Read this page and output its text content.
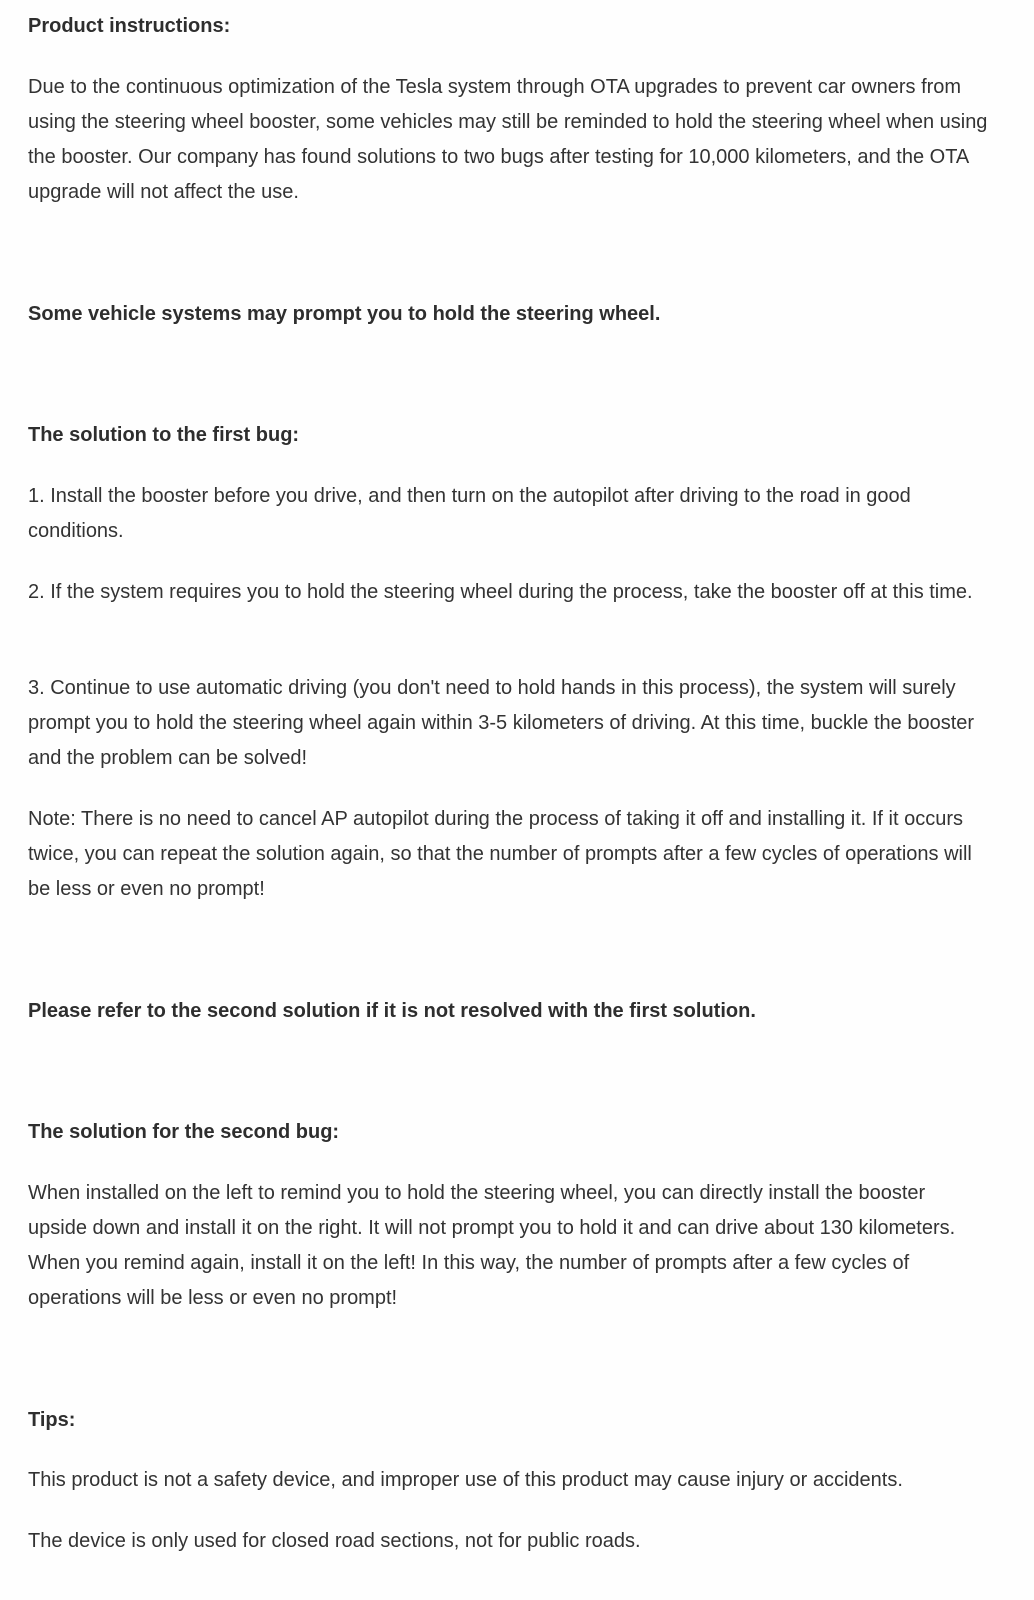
Product instructions:

Due to the continuous optimization of the Tesla system through OTA upgrades to prevent car owners from using the steering wheel booster, some vehicles may still be reminded to hold the steering wheel when using the booster. Our company has found solutions to two bugs after testing for 10,000 kilometers, and the OTA upgrade will not affect the use.

Some vehicle systems may prompt you to hold the steering wheel.

The solution to the first bug:

1. Install the booster before you drive, and then turn on the autopilot after driving to the road in good conditions.

2. If the system requires you to hold the steering wheel during the process, take the booster off at this time.

3. Continue to use automatic driving (you don't need to hold hands in this process), the system will surely prompt you to hold the steering wheel again within 3-5 kilometers of driving. At this time, buckle the booster and the problem can be solved!

Note: There is no need to cancel AP autopilot during the process of taking it off and installing it. If it occurs twice, you can repeat the solution again, so that the number of prompts after a few cycles of operations will be less or even no prompt!

Please refer to the second solution if it is not resolved with the first solution.

The solution for the second bug:

When installed on the left to remind you to hold the steering wheel, you can directly install the booster upside down and install it on the right. It will not prompt you to hold it and can drive about 130 kilometers. When you remind again, install it on the left! In this way, the number of prompts after a few cycles of operations will be less or even no prompt!

Tips:

This product is not a safety device, and improper use of this product may cause injury or accidents.

The device is only used for closed road sections, not for public roads.
